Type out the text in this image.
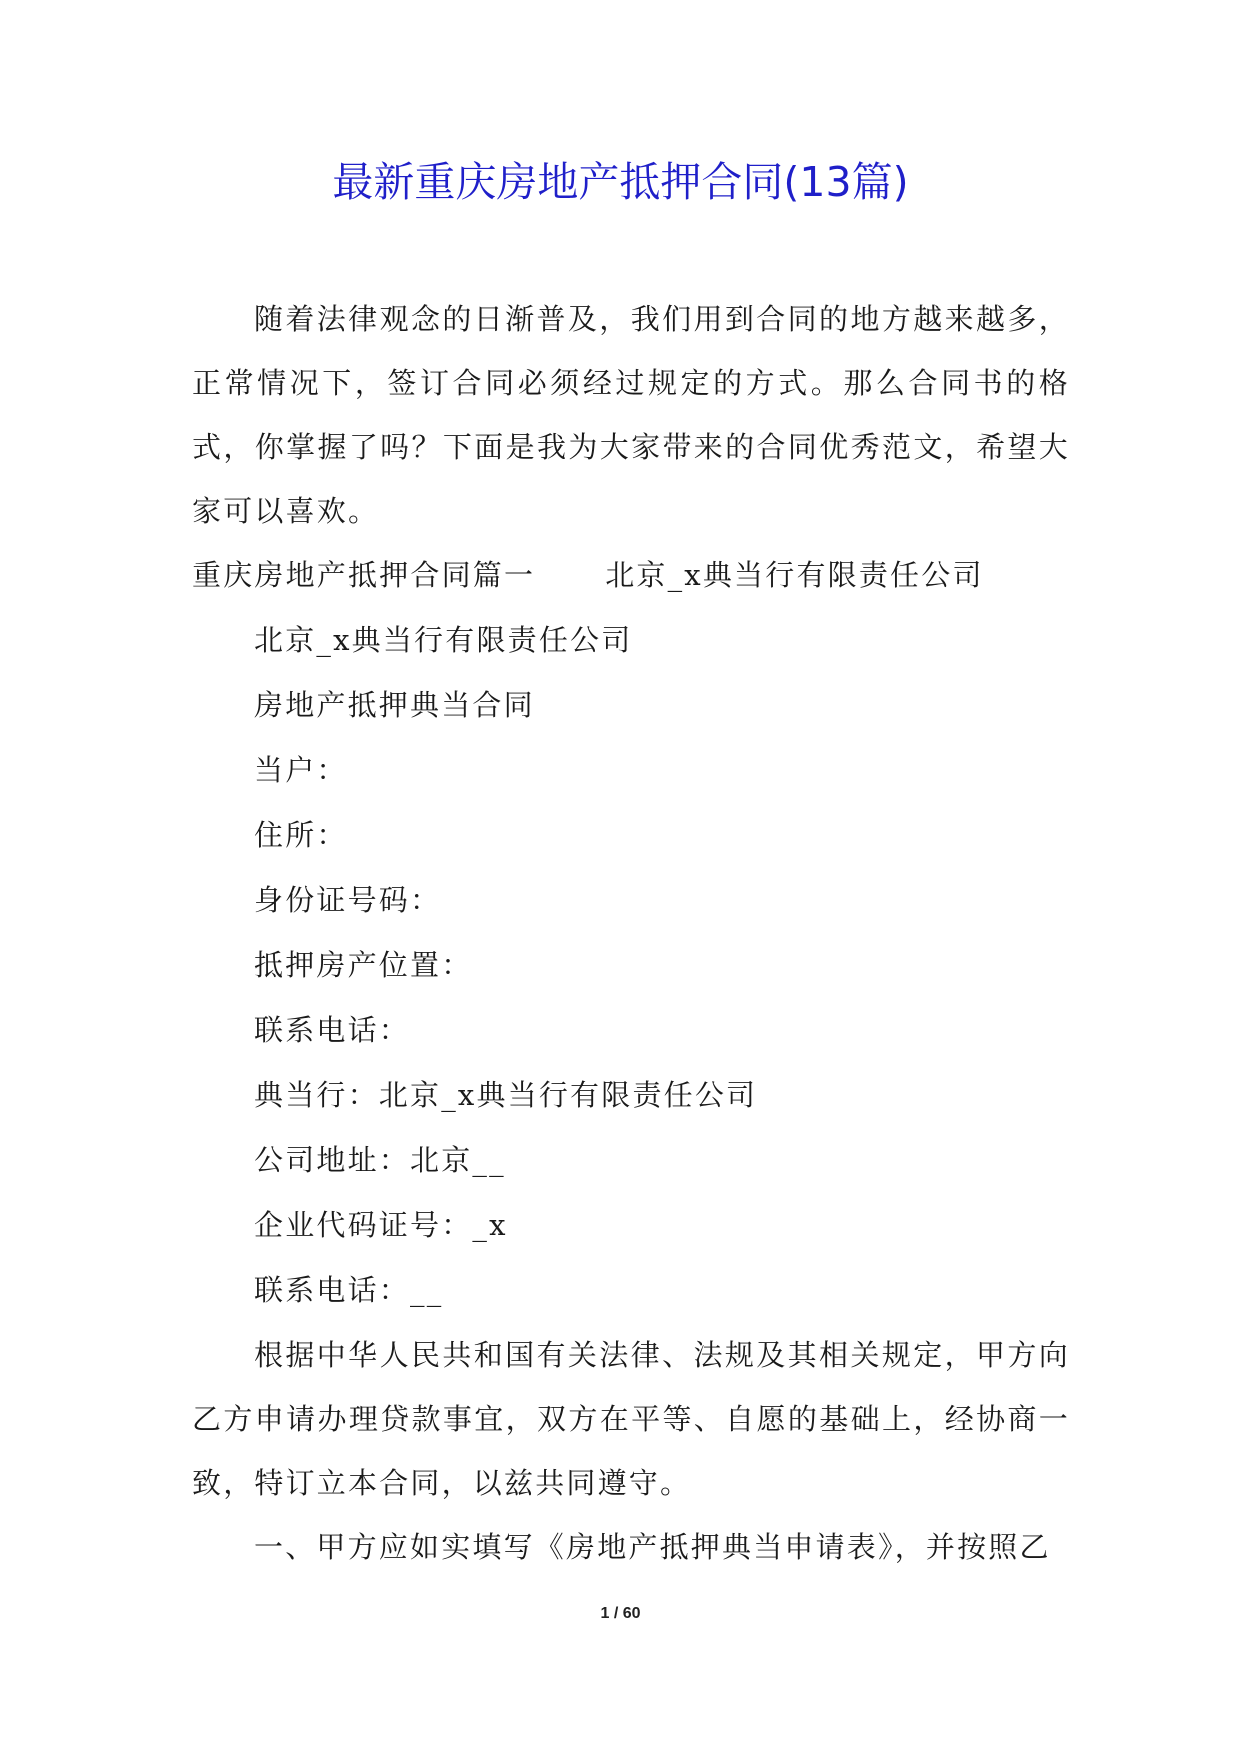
最新重庆房地产抵押合同(13篇)

随着法律观念的日渐普及，我们用到合同的地方越来越多，正常情况下，签订合同必须经过规定的方式。那么合同书的格式，你掌握了吗？下面是我为大家带来的合同优秀范文，希望大家可以喜欢。

重庆房地产抵押合同篇一 北京_x典当行有限责任公司

北京_x典当行有限责任公司

房地产抵押典当合同

当户：

住所：

身份证号码：

抵押房产位置：

联系电话：

典当行：北京_x典当行有限责任公司

公司地址：北京__

企业代码证号：_x

联系电话：__

根据中华人民共和国有关法律、法规及其相关规定，甲方向乙方申请办理贷款事宜，双方在平等、自愿的基础上，经协商一致，特订立本合同，以兹共同遵守。

一、甲方应如实填写《房地产抵押典当申请表》，并按照乙

1 / 60
